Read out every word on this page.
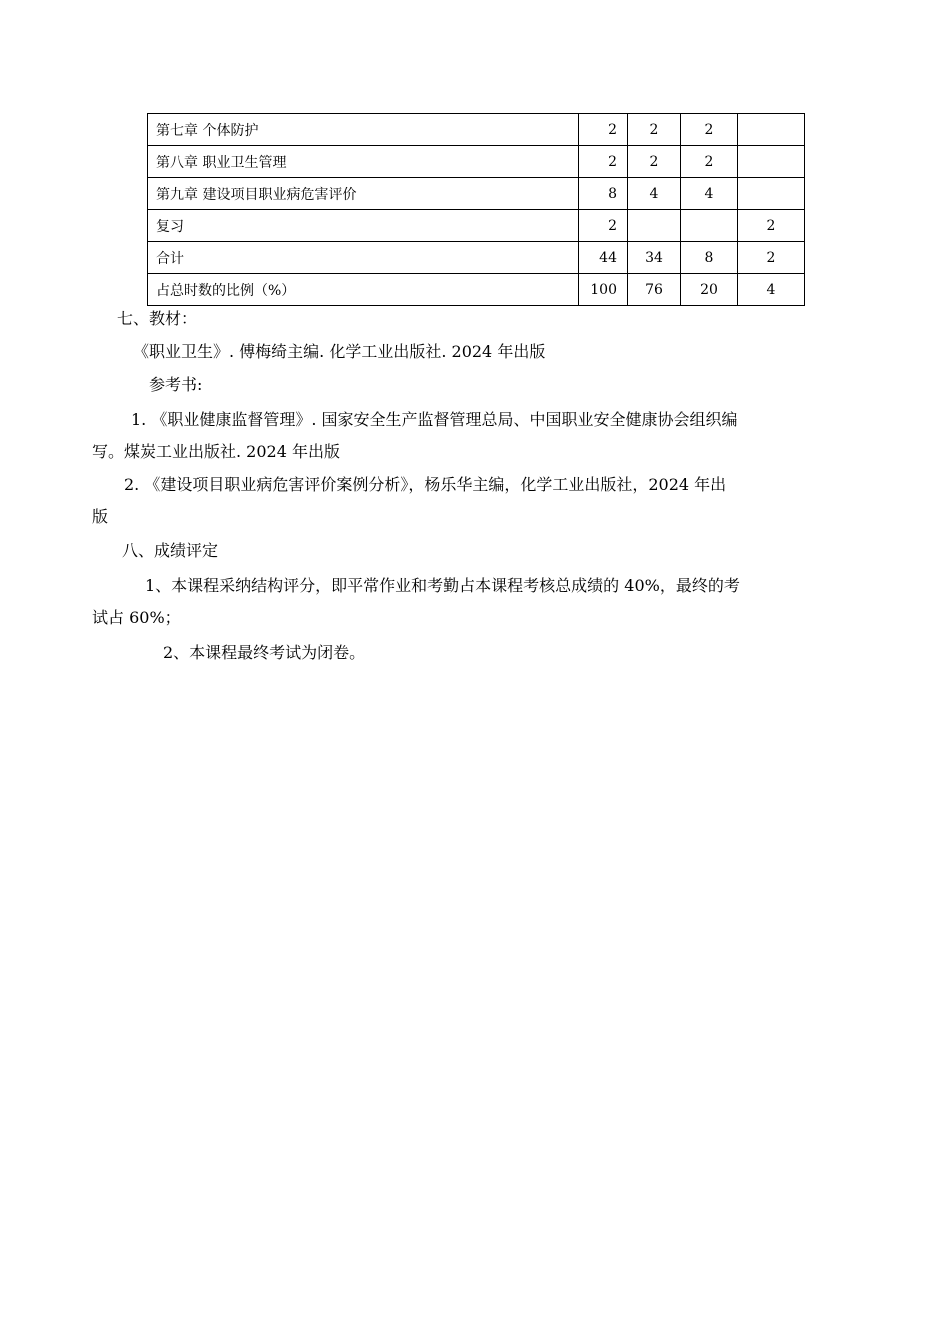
第七章 个体防护	2	2	2	
第八章 职业卫生管理	2	2	2	
第九章 建设项目职业病危害评价	8	4	4	
复习	2			2
合计	44	34	8	2
占总时数的比例（%）	100	76	20	4
七、教材：
《职业卫生》. 傅梅绮主编. 化学工业出版社. 2024 年出版
参考书:
1. 《职业健康监督管理》. 国家安全生产监督管理总局、中国职业安全健康协会组织编
写。煤炭工业出版社. 2024 年出版
2. 《建设项目职业病危害评价案例分析》，杨乐华主编，化学工业出版社，2024 年出
版
八、成绩评定
1、本课程采纳结构评分，即平常作业和考勤占本课程考核总成绩的 40%，最终的考
试占 60%；
2、本课程最终考试为闭卷。
